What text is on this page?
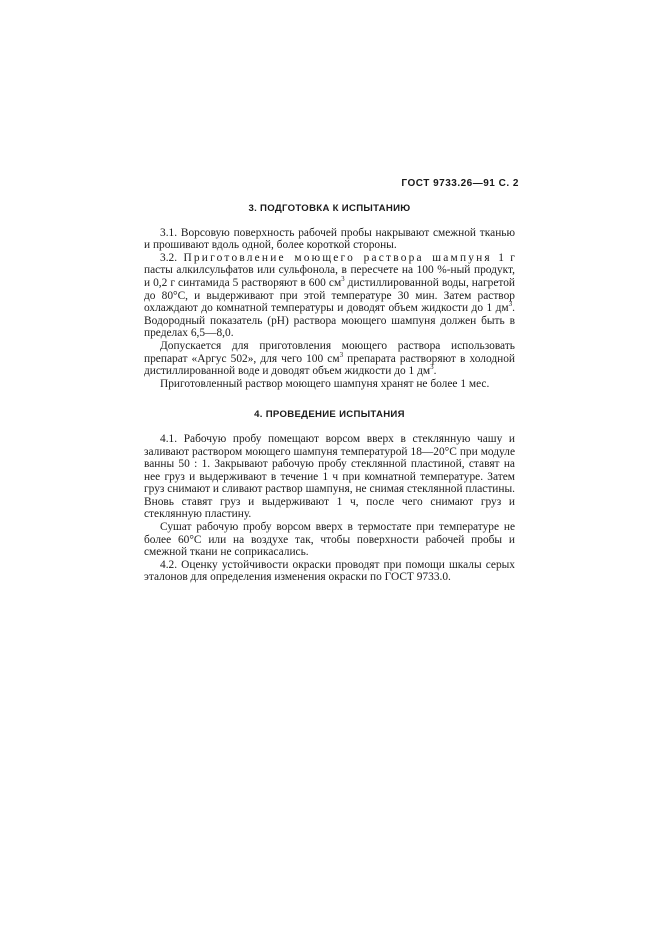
ГОСТ 9733.26—91 С. 2
3. ПОДГОТОВКА К ИСПЫТАНИЮ

3.1. Ворсовую поверхность рабочей пробы накрывают смежной тканью и прошивают вдоль одной, более короткой стороны.

3.2. Приготовление моющего раствора шампуня 1 г пасты алкилсульфатов или сульфонола, в пересчете на 100 %-ный продукт, и 0,2 г синтамида 5 растворяют в 600 $см^3$ дистиллированной воды, нагретой до 80°С, и выдерживают при этой температуре 30 мин. Затем раствор охлаждают до комнатной температуры и доводят объем жидкости до 1 $дм^3$. Водородный показатель (pH) раствора моющего шампуня должен быть в пределах 6,5—8,0.

Допускается для приготовления моющего раствора использовать препарат «Аргус 502», для чего 100 $см^3$ препарата растворяют в холодной дистиллированной воде и доводят объем жидкости до 1 $дм^3$.

Приготовленный раствор моющего шампуня хранят не более 1 мес.

4. ПРОВЕДЕНИЕ ИСПЫТАНИЯ

4.1. Рабочую пробу помещают ворсом вверх в стеклянную чашу и заливают раствором моющего шампуня температурой 18—20°С при модуле ванны 50 : 1. Закрывают рабочую пробу стеклянной пластиной, ставят на нее груз и выдерживают в течение 1 ч при комнатной температуре. Затем груз снимают и сливают раствор шампуня, не снимая стеклянной пластины. Вновь ставят груз и выдерживают 1 ч, после чего снимают груз и стеклянную пластину.

Сушат рабочую пробу ворсом вверх в термостате при температуре не более 60°С или на воздухе так, чтобы поверхности рабочей пробы и смежной ткани не соприкасались.

4.2. Оценку устойчивости окраски проводят при помощи шкалы серых эталонов для определения изменения окраски по ГОСТ 9733.0.
